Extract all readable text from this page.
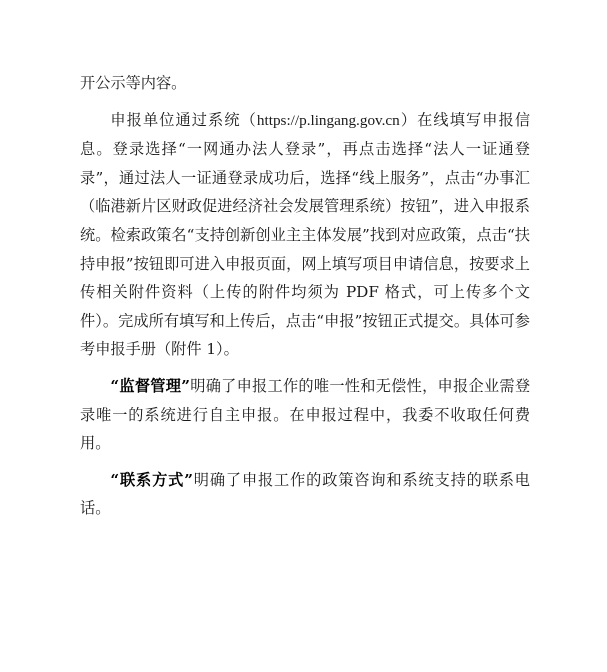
开公示等内容。

申报单位通过系统（https://p.lingang.gov.cn）在线填写申报信息。登录选择“一网通办法人登录”，再点击选择“法人一证通登录”，通过法人一证通登录成功后，选择“线上服务”，点击“办事汇（临港新片区财政促进经济社会发展管理系统）按钮”，进入申报系统。检索政策名“支持创新创业主主体发展”找到对应政策，点击“扶持申报”按钮即可进入申报页面，网上填写项目申请信息，按要求上传相关附件资料（上传的附件均须为 PDF 格式，可上传多个文件）。完成所有填写和上传后，点击“申报”按钮正式提交。具体可参考申报手册（附件 1）。

“监督管理”明确了申报工作的唯一性和无偿性，申报企业需登录唯一的系统进行自主申报。在申报过程中，我委不收取任何费用。

“联系方式”明确了申报工作的政策咨询和系统支持的联系电话。
